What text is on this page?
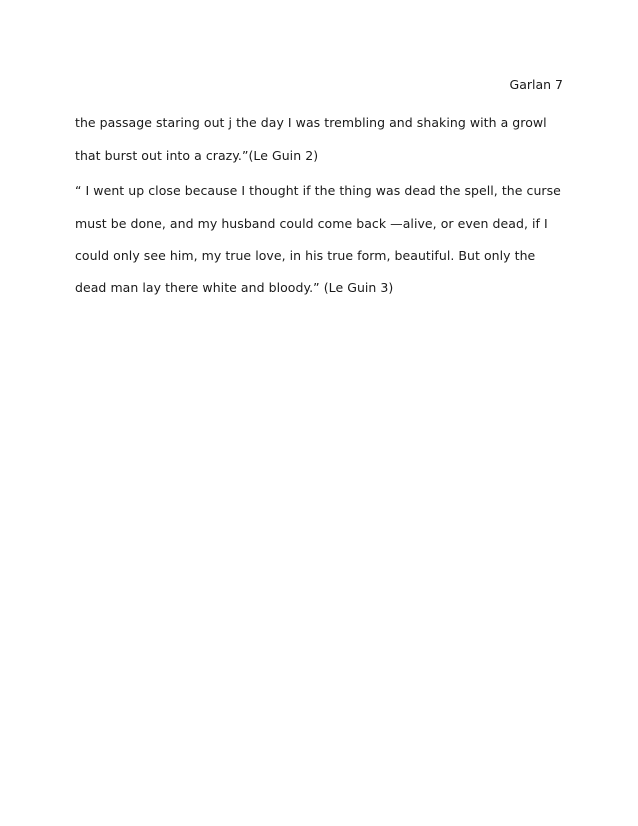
Garlan 7
the passage staring out j the day I was trembling and shaking with a growl
that burst out into a crazy.”(Le Guin 2)
“ I went up close because I thought if the thing was dead the spell, the curse
must be done, and my husband could come back —alive, or even dead, if I
could only see him, my true love, in his true form, beautiful. But only the
dead man lay there white and bloody.” (Le Guin 3)
